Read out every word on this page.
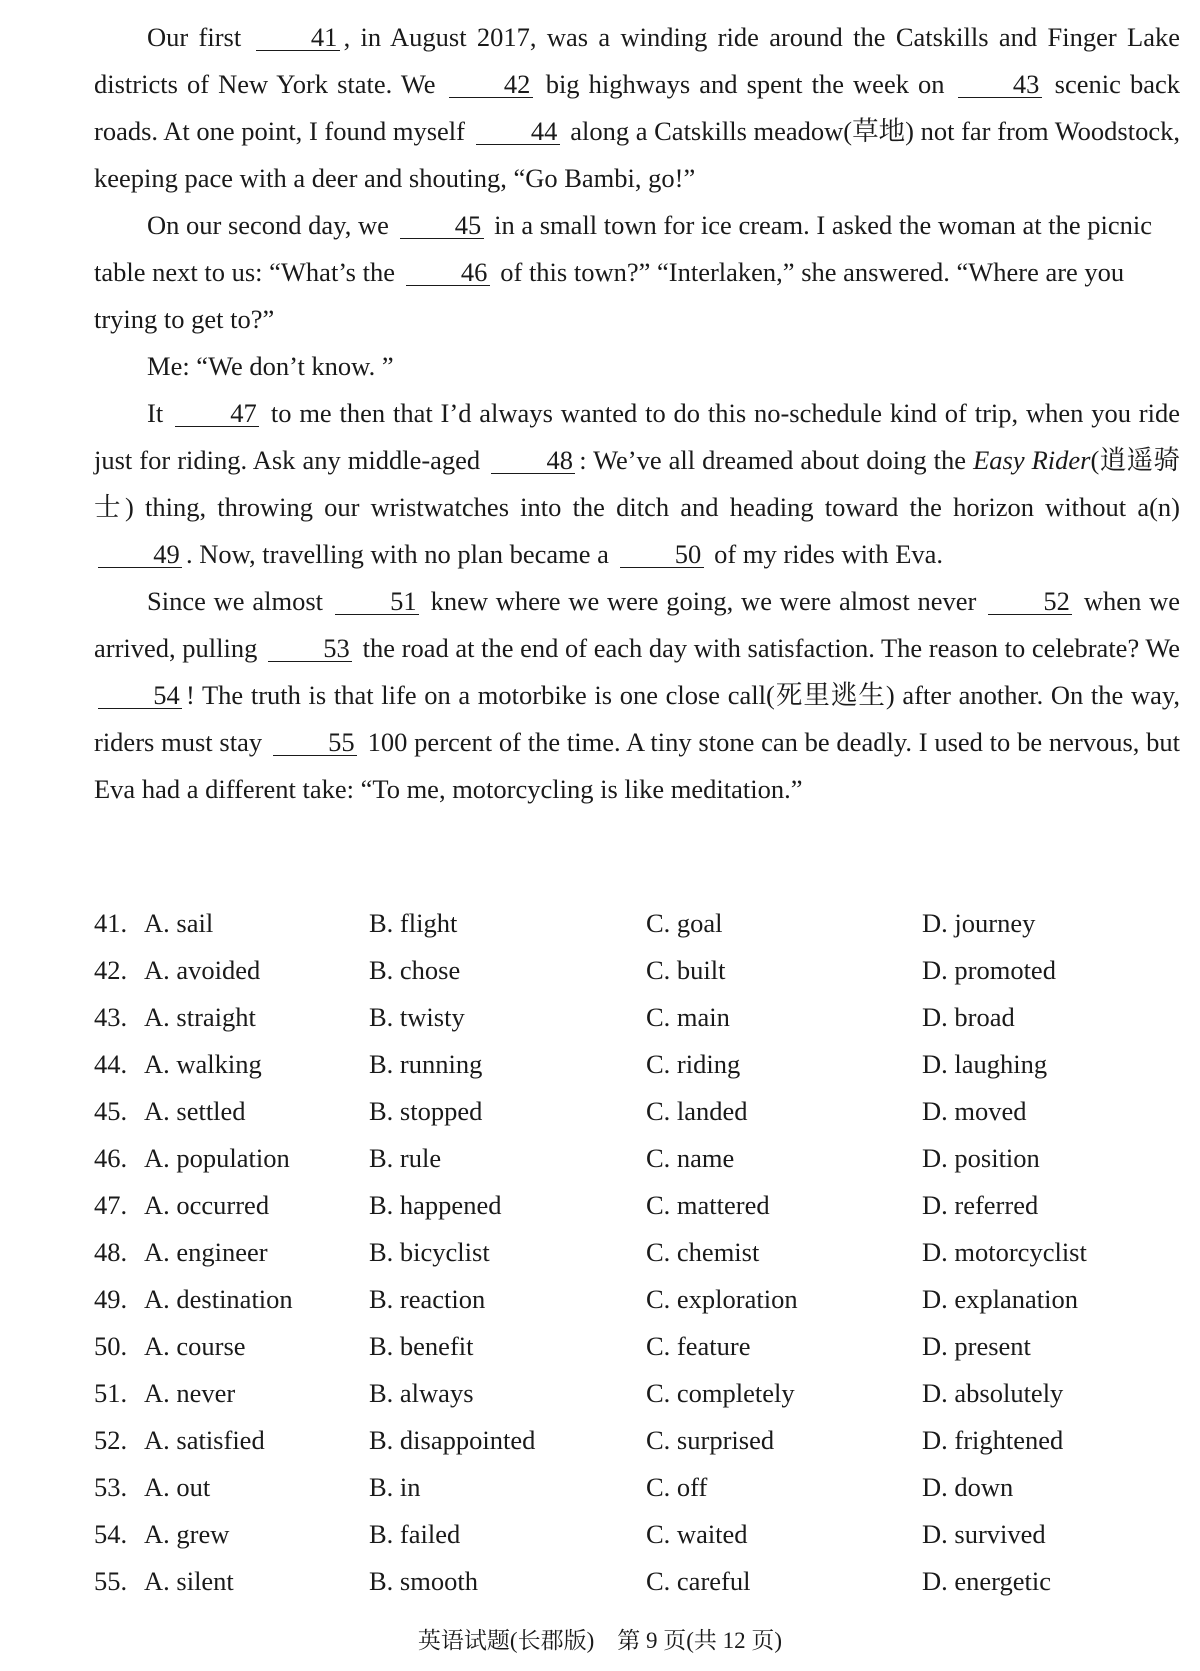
Our first 41 , in August 2017, was a winding ride around the Catskills and Finger Lake districts of New York state. We 42 big highways and spent the week on 43 scenic back roads. At one point, I found myself 44 along a Catskills meadow(草地) not far from Woodstock, keeping pace with a deer and shouting, “Go Bambi, go!”

On our second day, we 45 in a small town for ice cream. I asked the woman at the picnic table next to us: “What’s the 46 of this town?” “Interlaken,” she answered. “Where are you trying to get to?”

Me: “We don’t know. ”

It 47 to me then that I’d always wanted to do this no-schedule kind of trip, when you ride just for riding. Ask any middle-aged 48 : We’ve all dreamed about doing the Easy Rider(逍遥骑士) thing, throwing our wristwatches into the ditch and heading toward the horizon without a(n) 49 . Now, travelling with no plan became a 50 of my rides with Eva.

Since we almost 51 knew where we were going, we were almost never 52 when we arrived, pulling 53 the road at the end of each day with satisfaction. The reason to celebrate? We 54 ! The truth is that life on a motorbike is one close call(死里逃生) after another. On the way, riders must stay 55 100 percent of the time. A tiny stone can be deadly. I used to be nervous, but Eva had a different take: “To me, motorcycling is like meditation.”

41. A. sail	B. flight	C. goal	D. journey
42. A. avoided	B. chose	C. built	D. promoted
43. A. straight	B. twisty	C. main	D. broad
44. A. walking	B. running	C. riding	D. laughing
45. A. settled	B. stopped	C. landed	D. moved
46. A. population	B. rule	C. name	D. position
47. A. occurred	B. happened	C. mattered	D. referred
48. A. engineer	B. bicyclist	C. chemist	D. motorcyclist
49. A. destination	B. reaction	C. exploration	D. explanation
50. A. course	B. benefit	C. feature	D. present
51. A. never	B. always	C. completely	D. absolutely
52. A. satisfied	B. disappointed	C. surprised	D. frightened
53. A. out	B. in	C. off	D. down
54. A. grew	B. failed	C. waited	D. survived
55. A. silent	B. smooth	C. careful	D. energetic
英语试题(长郡版)　第 9 页(共 12 页)
